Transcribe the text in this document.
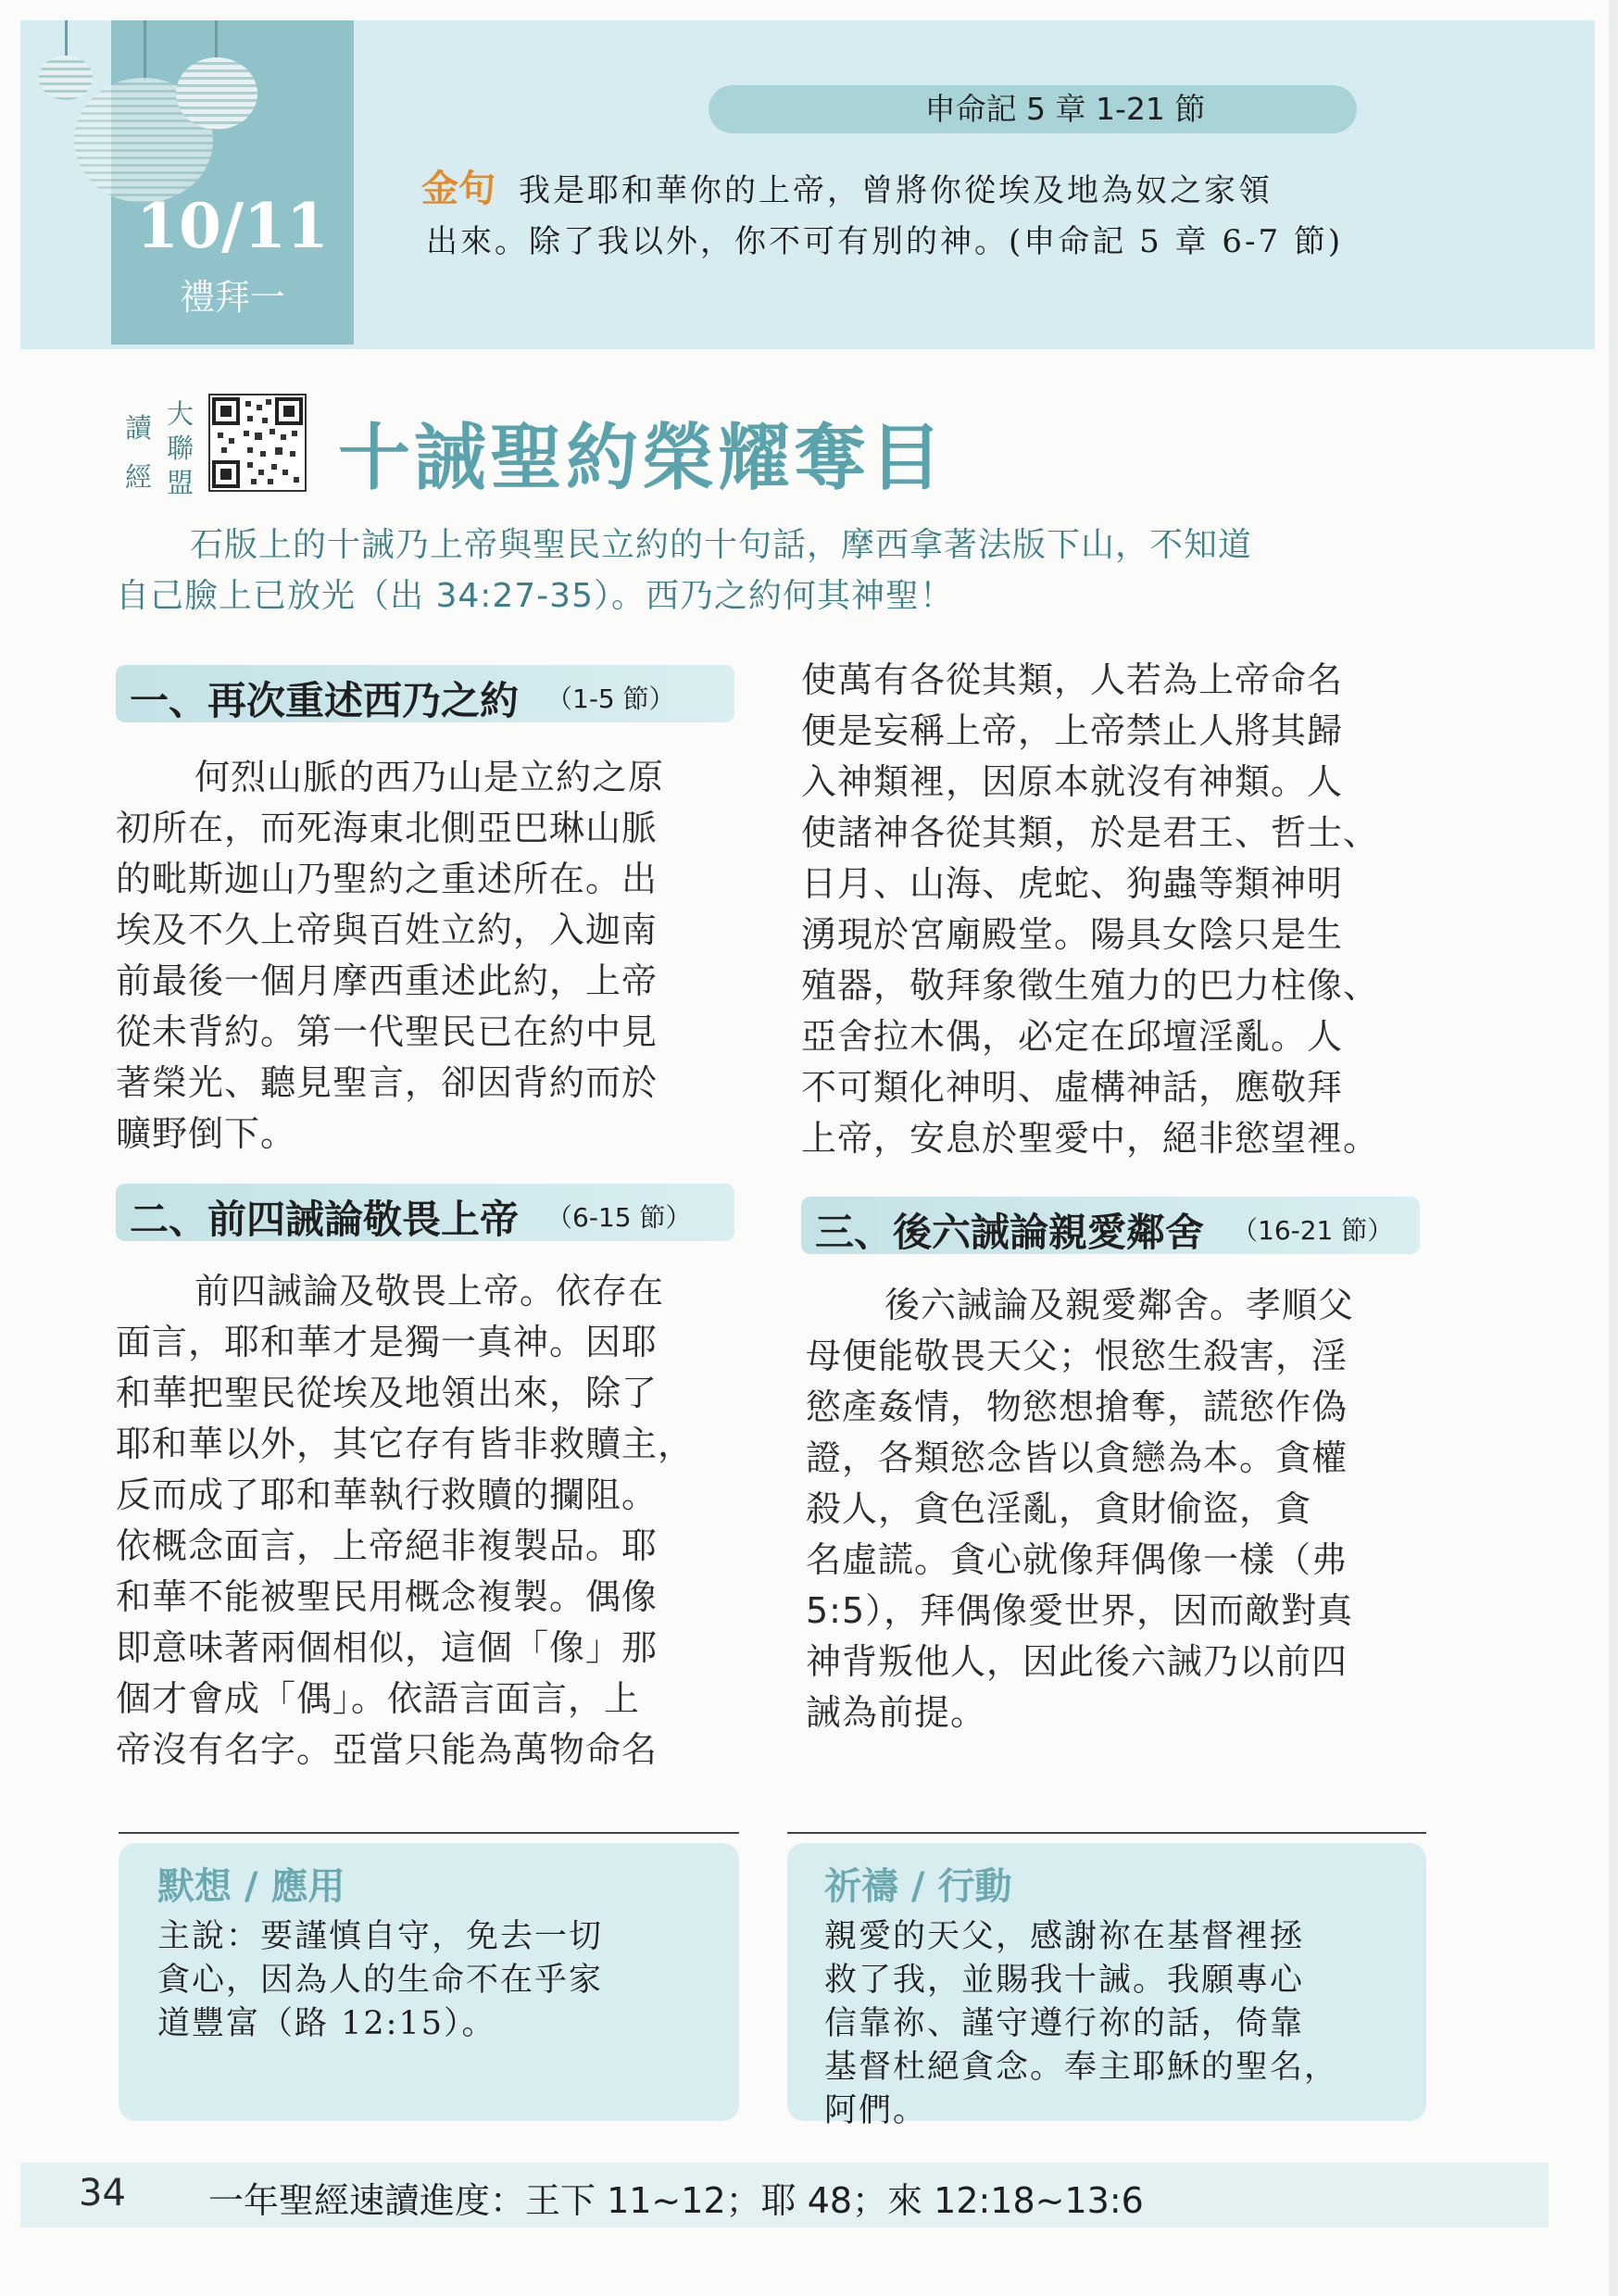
10/11
禮拜一
申命記 5 章 1-21 節
金句 我是耶和華你的上帝，曾將你從埃及地為奴之家領
出來。除了我以外，你不可有別的神。(申命記 5 章 6-7 節)
讀
經
大
聯
盟 十誡聖約榮耀奪目
石版上的十誡乃上帝與聖民立約的十句話，摩西拿著法版下山，不知道
自己臉上已放光（出 34:27-35）。西乃之約何其神聖！
一、再次重述西乃之約 （1-5 節）
何烈山脈的西乃山是立約之原
初所在，而死海東北側亞巴琳山脈
的毗斯迦山乃聖約之重述所在。出
埃及不久上帝與百姓立約，入迦南
前最後一個月摩西重述此約，上帝
從未背約。第一代聖民已在約中見
著榮光、聽見聖言，卻因背約而於
曠野倒下。
二、前四誡論敬畏上帝 （6-15 節）
前四誡論及敬畏上帝。依存在
面言，耶和華才是獨一真神。因耶
和華把聖民從埃及地領出來，除了
耶和華以外，其它存有皆非救贖主，
反而成了耶和華執行救贖的攔阻。
依概念面言，上帝絕非複製品。耶
和華不能被聖民用概念複製。偶像
即意味著兩個相似，這個「像」那
個才會成「偶」。依語言面言，上
帝沒有名字。亞當只能為萬物命名
使萬有各從其類，人若為上帝命名
便是妄稱上帝，上帝禁止人將其歸
入神類裡，因原本就沒有神類。人
使諸神各從其類，於是君王、哲士、
日月、山海、虎蛇、狗蟲等類神明
湧現於宮廟殿堂。陽具女陰只是生
殖器，敬拜象徵生殖力的巴力柱像、
亞舍拉木偶，必定在邱壇淫亂。人
不可類化神明、虛構神話，應敬拜
上帝，安息於聖愛中，絕非慾望裡。
三、後六誡論親愛鄰舍 （16-21 節）
後六誡論及親愛鄰舍。孝順父
母便能敬畏天父；恨慾生殺害，淫
慾產姦情，物慾想搶奪，謊慾作偽
證，各類慾念皆以貪戀為本。貪權
殺人，貪色淫亂，貪財偷盜，貪
名虛謊。貪心就像拜偶像一樣（弗
5:5），拜偶像愛世界，因而敵對真
神背叛他人，因此後六誡乃以前四
誡為前提。
默想 / 應用
主說：要謹慎自守，免去一切
貪心，因為人的生命不在乎家
道豐富（路 12:15）。
祈禱 / 行動
親愛的天父，感謝祢在基督裡拯
救了我，並賜我十誡。我願專心
信靠祢、謹守遵行祢的話，倚靠
基督杜絕貪念。奉主耶穌的聖名，
阿們。
34 一年聖經速讀進度：王下 11~12；耶 48；來 12:18~13:6
